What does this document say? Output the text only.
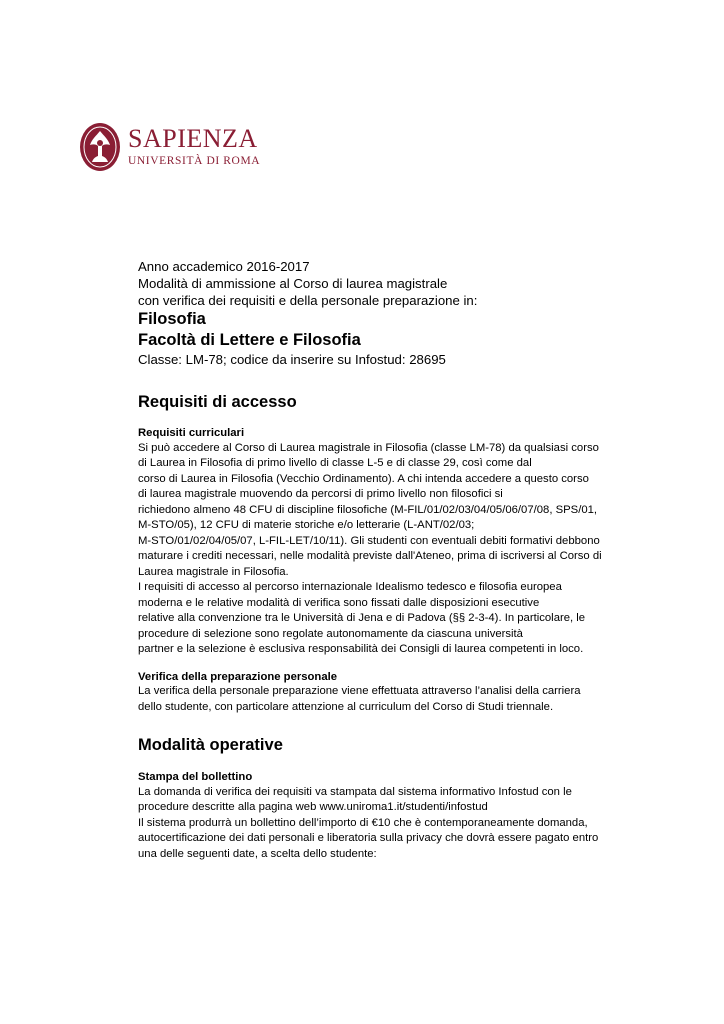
SAPIENZA
UNIVERSITÀ DI ROMA
Anno accademico 2016-2017
Modalità di ammissione al Corso di laurea magistrale
con verifica dei requisiti e della personale preparazione in:
Filosofia
Facoltà di Lettere e Filosofia
Classe: LM-78; codice da inserire su Infostud: 28695
Requisiti di accesso
Requisiti curriculari

Si può accedere al Corso di Laurea magistrale in Filosofia (classe LM-78) da qualsiasi corso

di Laurea in Filosofia di primo livello di classe L-5 e di classe 29, così come dal

corso di Laurea in Filosofia (Vecchio Ordinamento). A chi intenda accedere a questo corso

di laurea magistrale muovendo da percorsi di primo livello non filosofici si

richiedono almeno 48 CFU di discipline filosofiche (M-FIL/01/02/03/04/05/06/07/08, SPS/01,

M-STO/05), 12 CFU di materie storiche e/o letterarie (L-ANT/02/03;

M-STO/01/02/04/05/07, L-FIL-LET/10/11). Gli studenti con eventuali debiti formativi debbono

maturare i crediti necessari, nelle modalità previste dall'Ateneo, prima di iscriversi al Corso di

Laurea magistrale in Filosofia.

I requisiti di accesso al percorso internazionale Idealismo tedesco e filosofia europea

moderna e le relative modalità di verifica sono fissati dalle disposizioni esecutive

relative alla convenzione tra le Università di Jena e di Padova (§§ 2-3-4). In particolare, le

procedure di selezione sono regolate autonomamente da ciascuna università

partner e la selezione è esclusiva responsabilità dei Consigli di laurea competenti in loco.

Verifica della preparazione personale

La verifica della personale preparazione viene effettuata attraverso l’analisi della carriera

dello studente, con particolare attenzione al curriculum del Corso di Studi triennale.

Modalità operative
Stampa del bollettino

La domanda di verifica dei requisiti va stampata dal sistema informativo Infostud con le

procedure descritte alla pagina web www.uniroma1.it/studenti/infostud

Il sistema produrrà un bollettino dell’importo di €10 che è contemporaneamente domanda,

autocertificazione dei dati personali e liberatoria sulla privacy che dovrà essere pagato entro

una delle seguenti date, a scelta dello studente:
